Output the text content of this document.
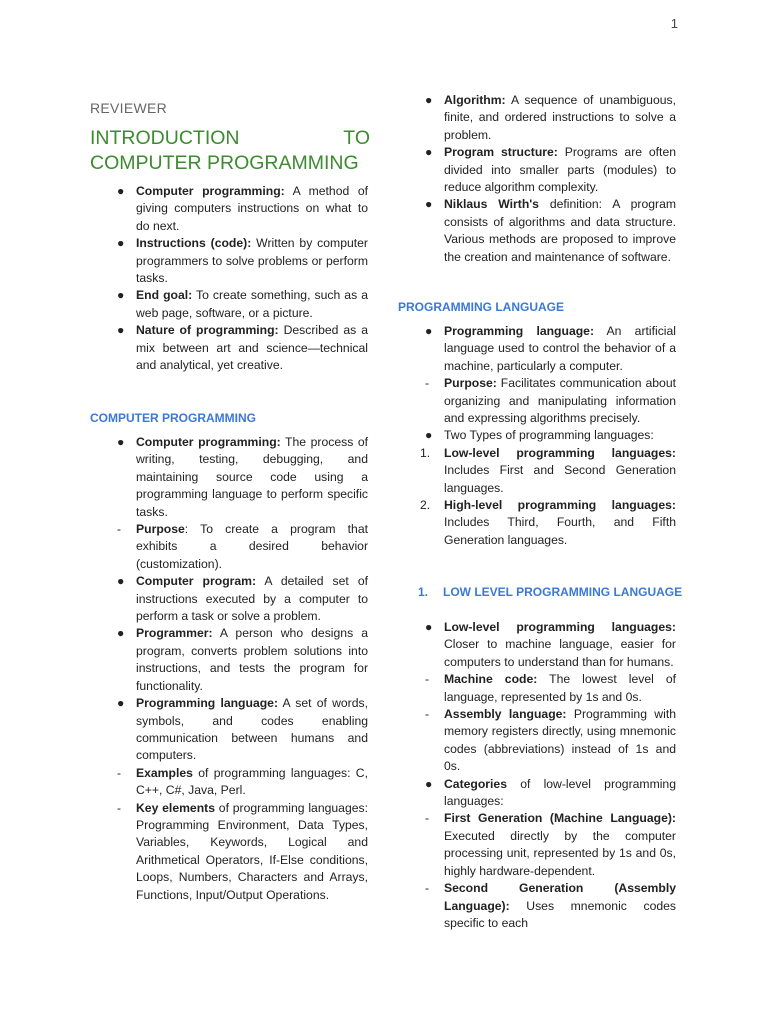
1
REVIEWER
INTRODUCTION TO COMPUTER PROGRAMMING
● Computer programming: A method of giving computers instructions on what to do next.
● Instructions (code): Written by computer programmers to solve problems or perform tasks.
● End goal: To create something, such as a web page, software, or a picture.
● Nature of programming: Described as a mix between art and science—technical and analytical, yet creative.
COMPUTER PROGRAMMING
● Computer programming: The process of writing, testing, debugging, and maintaining source code using a programming language to perform specific tasks.
-	Purpose: To create a program that exhibits a desired behavior (customization).
● Computer program: A detailed set of instructions executed by a computer to perform a task or solve a problem.
● Programmer: A person who designs a program, converts problem solutions into instructions, and tests the program for functionality.
● Programming language: A set of words, symbols, and codes enabling communication between humans and computers.
-	Examples of programming languages: C, C++, C#, Java, Perl.
-	Key elements of programming languages: Programming Environment, Data Types, Variables, Keywords, Logical and Arithmetical Operators, If-Else conditions, Loops, Numbers, Characters and Arrays, Functions, Input/Output Operations.
● Algorithm: A sequence of unambiguous, finite, and ordered instructions to solve a problem.
● Program structure: Programs are often divided into smaller parts (modules) to reduce algorithm complexity.
● Niklaus Wirth's definition: A program consists of algorithms and data structure. Various methods are proposed to improve the creation and maintenance of software.
PROGRAMMING LANGUAGE
● Programming language: An artificial language used to control the behavior of a machine, particularly a computer.
-	Purpose: Facilitates communication about organizing and manipulating information and expressing algorithms precisely.
● Two Types of programming languages:
1.	Low-level programming languages: Includes First and Second Generation languages.
2.	High-level programming languages: Includes Third, Fourth, and Fifth Generation languages.
1. LOW LEVEL PROGRAMMING LANGUAGE
● Low-level programming languages: Closer to machine language, easier for computers to understand than for humans.
-	Machine code: The lowest level of language, represented by 1s and 0s.
-	Assembly language: Programming with memory registers directly, using mnemonic codes (abbreviations) instead of 1s and 0s.
● Categories of low-level programming languages:
-	First Generation (Machine Language): Executed directly by the computer processing unit, represented by 1s and 0s, highly hardware-dependent.
-	Second Generation (Assembly Language): Uses mnemonic codes specific to each
